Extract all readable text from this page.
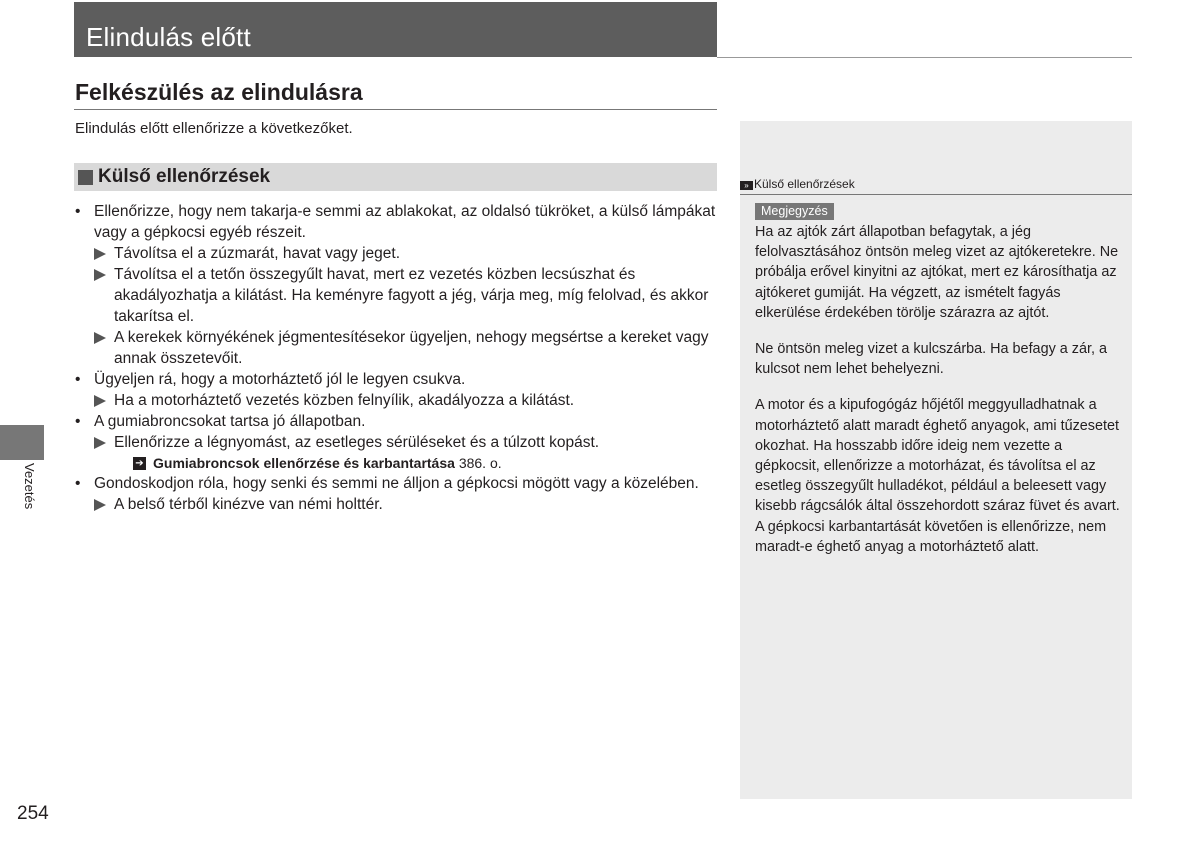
Elindulás előtt
Felkészülés az elindulásra
Elindulás előtt ellenőrizze a következőket.
Külső ellenőrzések
• Ellenőrizze, hogy nem takarja-e semmi az ablakokat, az oldalsó tükröket, a külső lámpákat vagy a gépkocsi egyéb részeit.
Távolítsa el a zúzmarát, havat vagy jeget.
Távolítsa el a tetőn összegyűlt havat, mert ez vezetés közben lecsúszhat és akadályozhatja a kilátást. Ha keményre fagyott a jég, várja meg, míg felolvad, és akkor takarítsa el.
A kerekek környékének jégmentesítésekor ügyeljen, nehogy megsértse a kereket vagy annak összetevőit.
• Ügyeljen rá, hogy a motorháztető jól le legyen csukva.
Ha a motorháztető vezetés közben felnyílik, akadályozza a kilátást.
• A gumiabroncsokat tartsa jó állapotban.
Ellenőrizze a légnyomást, az esetleges sérüléseket és a túlzott kopást.
➔ Gumiabroncsok ellenőrzése és karbantartása 386. o.
• Gondoskodjon róla, hogy senki és semmi ne álljon a gépkocsi mögött vagy a közelében.
A belső térből kinézve van némi holttér.
» Külső ellenőrzések
Megjegyzés

Ha az ajtók zárt állapotban befagytak, a jég felolvasztásához öntsön meleg vizet az ajtókeretekre. Ne próbálja erővel kinyitni az ajtókat, mert ez károsíthatja az ajtókeret gumiját. Ha végzett, az ismételt fagyás elkerülése érdekében törölje szárazra az ajtót.

Ne öntsön meleg vizet a kulcszárba. Ha befagy a zár, a kulcsot nem lehet behelyezni.

A motor és a kipufogógáz hőjétől meggyulladhatnak a motorháztető alatt maradt éghető anyagok, ami tűzesetet okozhat. Ha hosszabb időre ideig nem vezette a gépkocsit, ellenőrizze a motorházat, és távolítsa el az esetleg összegyűlt hulladékot, például a beleesett vagy kisebb rágcsálók által összehordott száraz füvet és avart. A gépkocsi karbantartását követően is ellenőrizze, nem maradt-e éghető anyag a motorháztető alatt.

Vezetés
254
